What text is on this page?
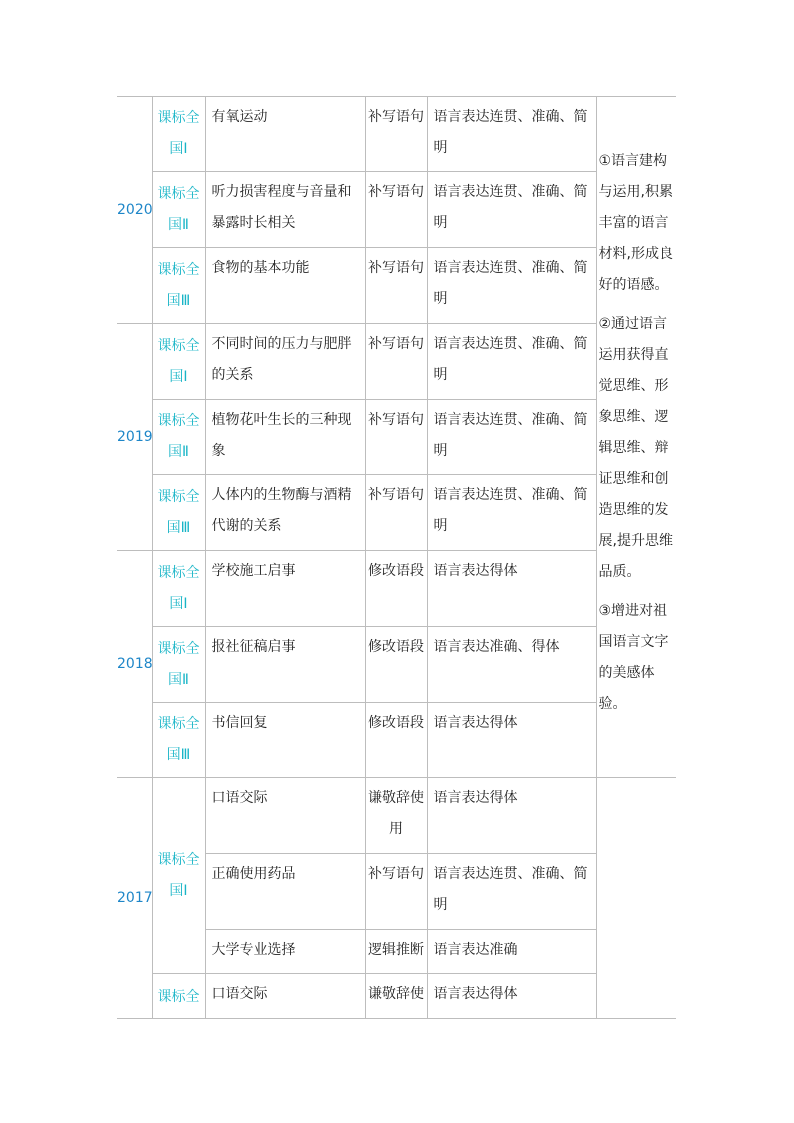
2020	课标全国Ⅰ	有氧运动	补写语句	语言表达连贯、准确、简明	①语言建构与运用,积累丰富的语言材料,形成良好的语感。

②通过语言运用获得直觉思维、形象思维、逻辑思维、辩证思维和创造思维的发展,提升思维品质。

③增进对祖国语言文字的美感体验。

	课标全国Ⅱ	听力损害程度与音量和暴露时长相关	补写语句	语言表达连贯、准确、简明	
	课标全国Ⅲ	食物的基本功能	补写语句	语言表达连贯、准确、简明	
2019	课标全国Ⅰ	不同时间的压力与肥胖的关系	补写语句	语言表达连贯、准确、简明	
	课标全国Ⅱ	植物花叶生长的三种现象	补写语句	语言表达连贯、准确、简明	
	课标全国Ⅲ	人体内的生物酶与酒精代谢的关系	补写语句	语言表达连贯、准确、简明	
2018	课标全国Ⅰ	学校施工启事	修改语段	语言表达得体	
	课标全国Ⅱ	报社征稿启事	修改语段	语言表达准确、得体	
	课标全国Ⅲ	书信回复	修改语段	语言表达得体	
2017	课标全国Ⅰ	口语交际	谦敬辞使用	语言表达得体	
		正确使用药品	补写语句	语言表达连贯、准确、简明	
		大学专业选择	逻辑推断	语言表达准确	
	课标全	口语交际	谦敬辞使	语言表达得体	
